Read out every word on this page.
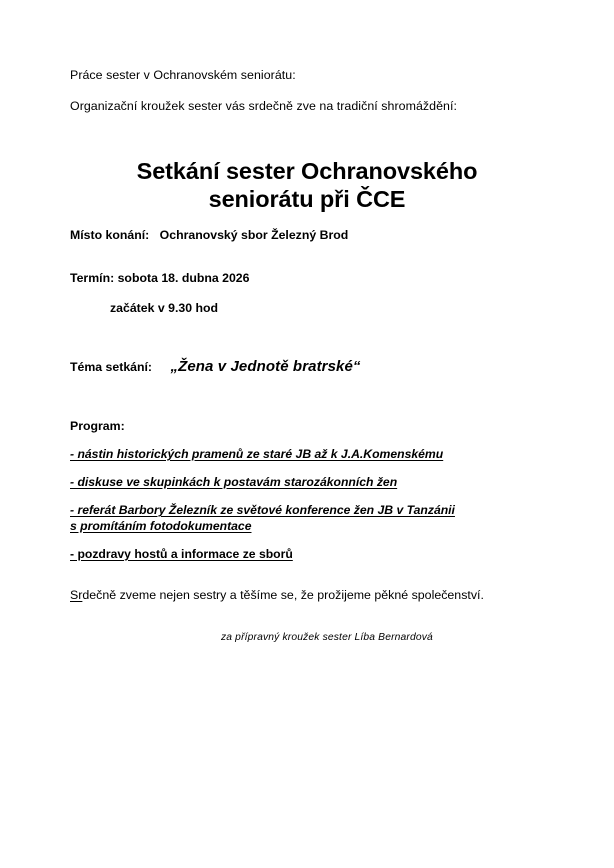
Práce sester v Ochranovském seniorátu:
Organizační kroužek sester vás srdečně zve na tradiční shromáždění:
Setkání sester Ochranovského
seniorátu při ČCE
Místo konání: Ochranovský sbor Železný Brod
Termín: sobota 18. dubna 2026
začátek v 9.30 hod
Téma setkání: „Žena v Jednotě bratrské“
Program:
- nástin historických pramenů ze staré JB až k J.A.Komenskému
- diskuse ve skupinkách k postavám starozákonních žen
- referát Barbory Železník ze světové konference žen JB v Tanzánii
s promítáním fotodokumentace
- pozdravy hostů a informace ze sborů
Srdečně zveme nejen sestry a těšíme se, že prožijeme pěkné společenství.
za přípravný kroužek sester Líba Bernardová
